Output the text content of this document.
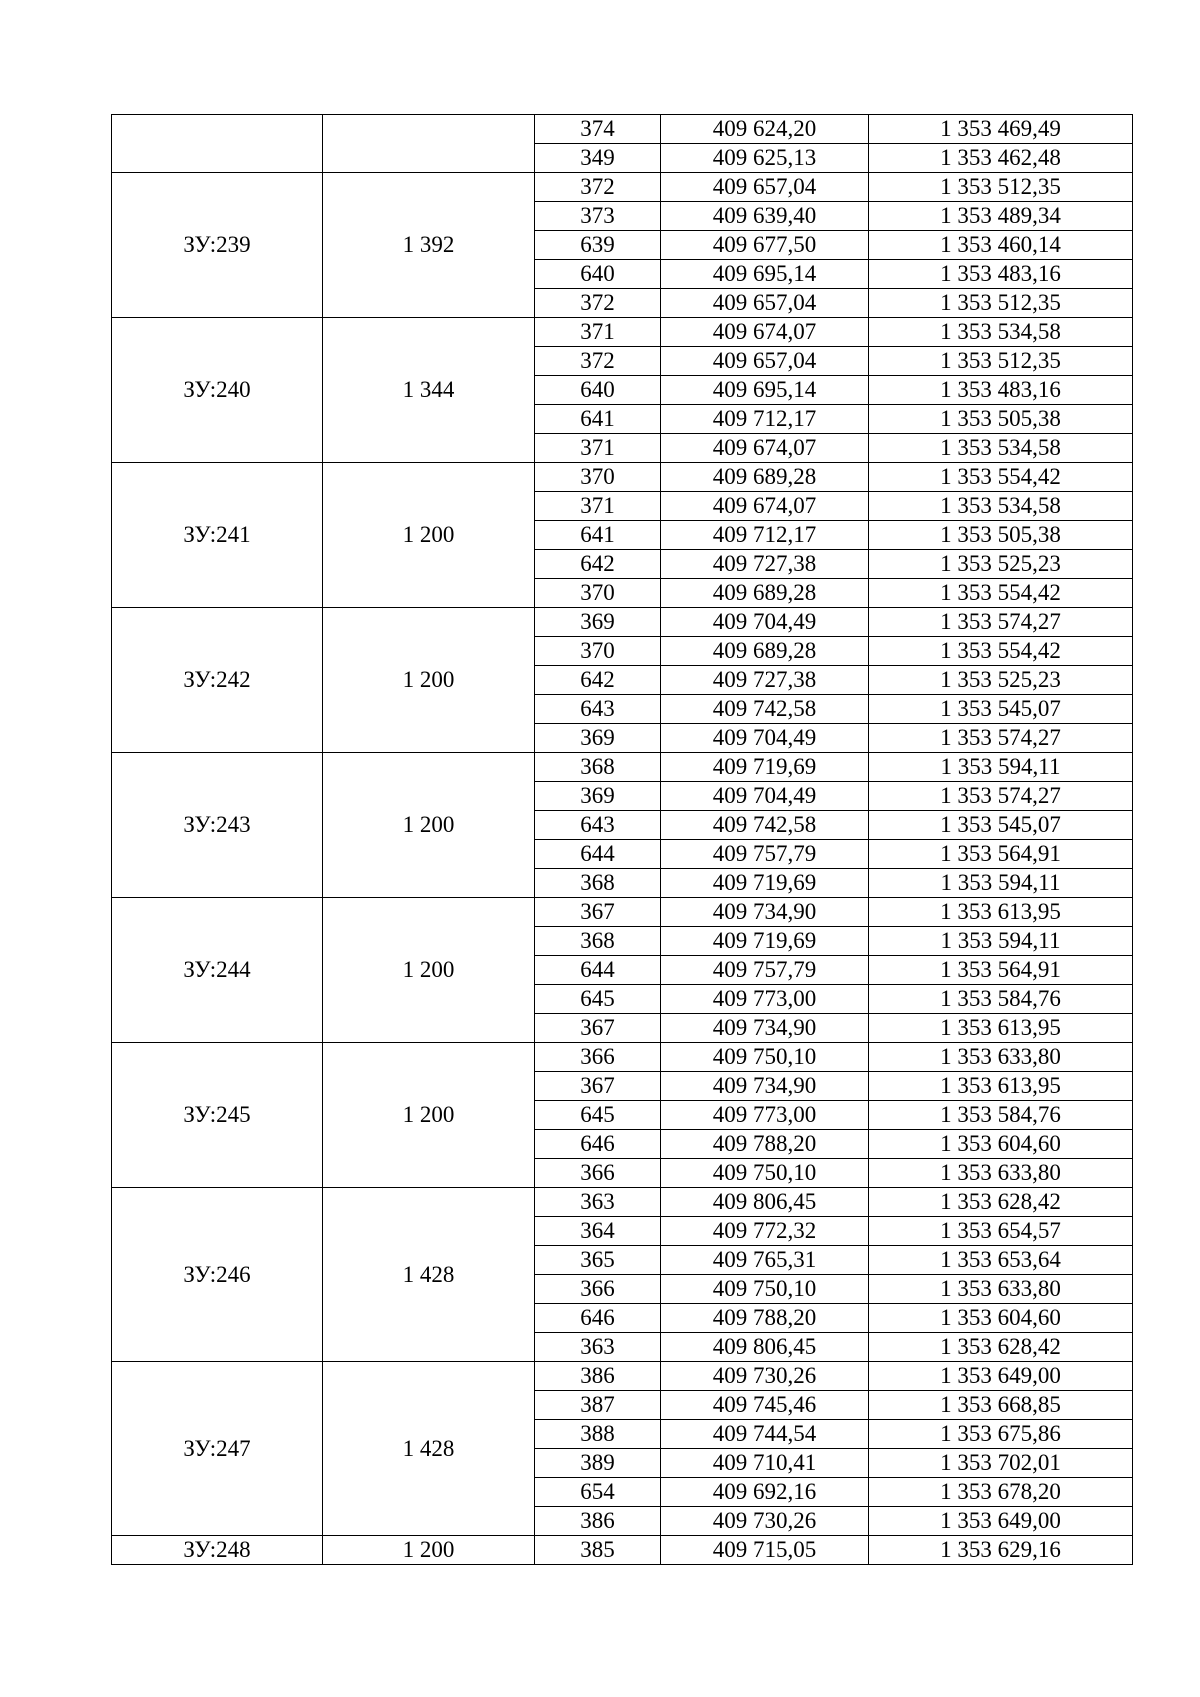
		374	409 624,20	1 353 469,49
		349	409 625,13	1 353 462,48
ЗУ:239	1 392	372	409 657,04	1 353 512,35
		373	409 639,40	1 353 489,34
		639	409 677,50	1 353 460,14
		640	409 695,14	1 353 483,16
		372	409 657,04	1 353 512,35
ЗУ:240	1 344	371	409 674,07	1 353 534,58
		372	409 657,04	1 353 512,35
		640	409 695,14	1 353 483,16
		641	409 712,17	1 353 505,38
		371	409 674,07	1 353 534,58
ЗУ:241	1 200	370	409 689,28	1 353 554,42
		371	409 674,07	1 353 534,58
		641	409 712,17	1 353 505,38
		642	409 727,38	1 353 525,23
		370	409 689,28	1 353 554,42
ЗУ:242	1 200	369	409 704,49	1 353 574,27
		370	409 689,28	1 353 554,42
		642	409 727,38	1 353 525,23
		643	409 742,58	1 353 545,07
		369	409 704,49	1 353 574,27
ЗУ:243	1 200	368	409 719,69	1 353 594,11
		369	409 704,49	1 353 574,27
		643	409 742,58	1 353 545,07
		644	409 757,79	1 353 564,91
		368	409 719,69	1 353 594,11
ЗУ:244	1 200	367	409 734,90	1 353 613,95
		368	409 719,69	1 353 594,11
		644	409 757,79	1 353 564,91
		645	409 773,00	1 353 584,76
		367	409 734,90	1 353 613,95
ЗУ:245	1 200	366	409 750,10	1 353 633,80
		367	409 734,90	1 353 613,95
		645	409 773,00	1 353 584,76
		646	409 788,20	1 353 604,60
		366	409 750,10	1 353 633,80
ЗУ:246	1 428	363	409 806,45	1 353 628,42
		364	409 772,32	1 353 654,57
		365	409 765,31	1 353 653,64
		366	409 750,10	1 353 633,80
		646	409 788,20	1 353 604,60
		363	409 806,45	1 353 628,42
ЗУ:247	1 428	386	409 730,26	1 353 649,00
		387	409 745,46	1 353 668,85
		388	409 744,54	1 353 675,86
		389	409 710,41	1 353 702,01
		654	409 692,16	1 353 678,20
		386	409 730,26	1 353 649,00
ЗУ:248	1 200	385	409 715,05	1 353 629,16
